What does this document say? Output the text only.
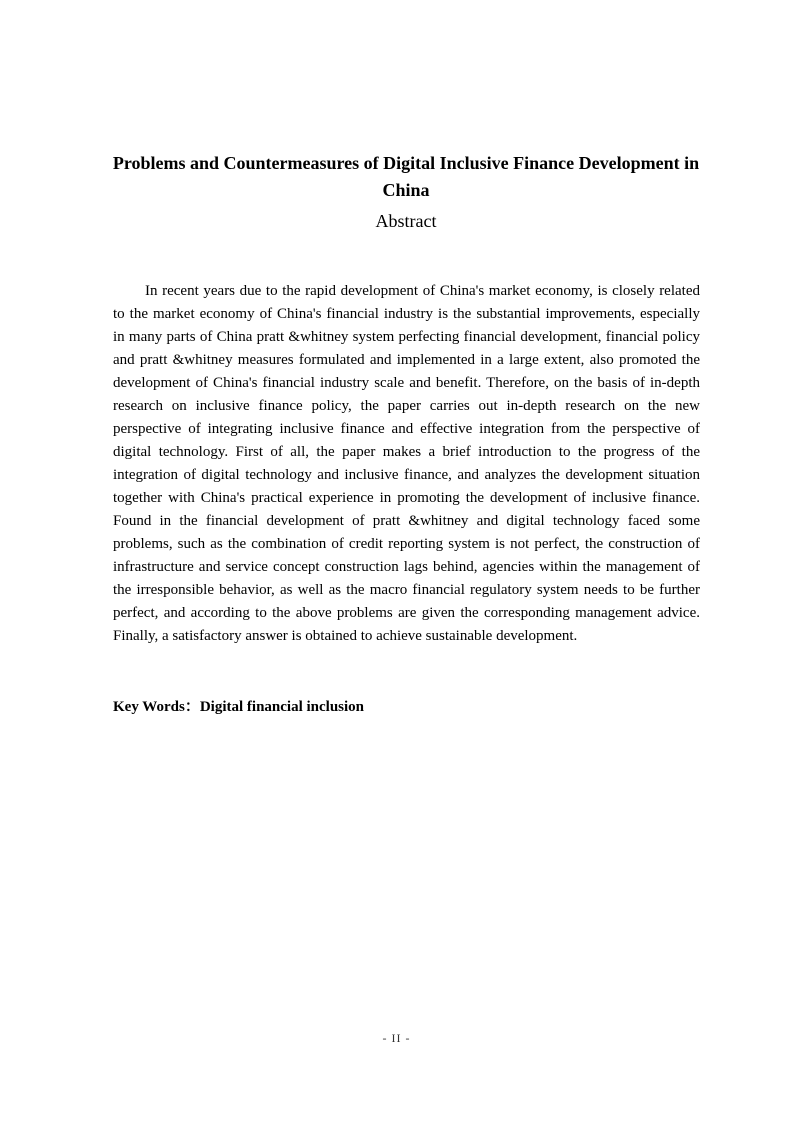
Problems and Countermeasures of Digital Inclusive Finance Development in China
Abstract

In recent years due to the rapid development of China's market economy, is closely related to the market economy of China's financial industry is the substantial improvements, especially in many parts of China pratt &whitney system perfecting financial development, financial policy and pratt &whitney measures formulated and implemented in a large extent, also promoted the development of China's financial industry scale and benefit. Therefore, on the basis of in-depth research on inclusive finance policy, the paper carries out in-depth research on the new perspective of integrating inclusive finance and effective integration from the perspective of digital technology. First of all, the paper makes a brief introduction to the progress of the integration of digital technology and inclusive finance, and analyzes the development situation together with China's practical experience in promoting the development of inclusive finance. Found in the financial development of pratt &whitney and digital technology faced some problems, such as the combination of credit reporting system is not perfect, the construction of infrastructure and service concept construction lags behind, agencies within the management of the irresponsible behavior, as well as the macro financial regulatory system needs to be further perfect, and according to the above problems are given the corresponding management advice. Finally, a satisfactory answer is obtained to achieve sustainable development.

Key Words：Digital financial inclusion

- II -
